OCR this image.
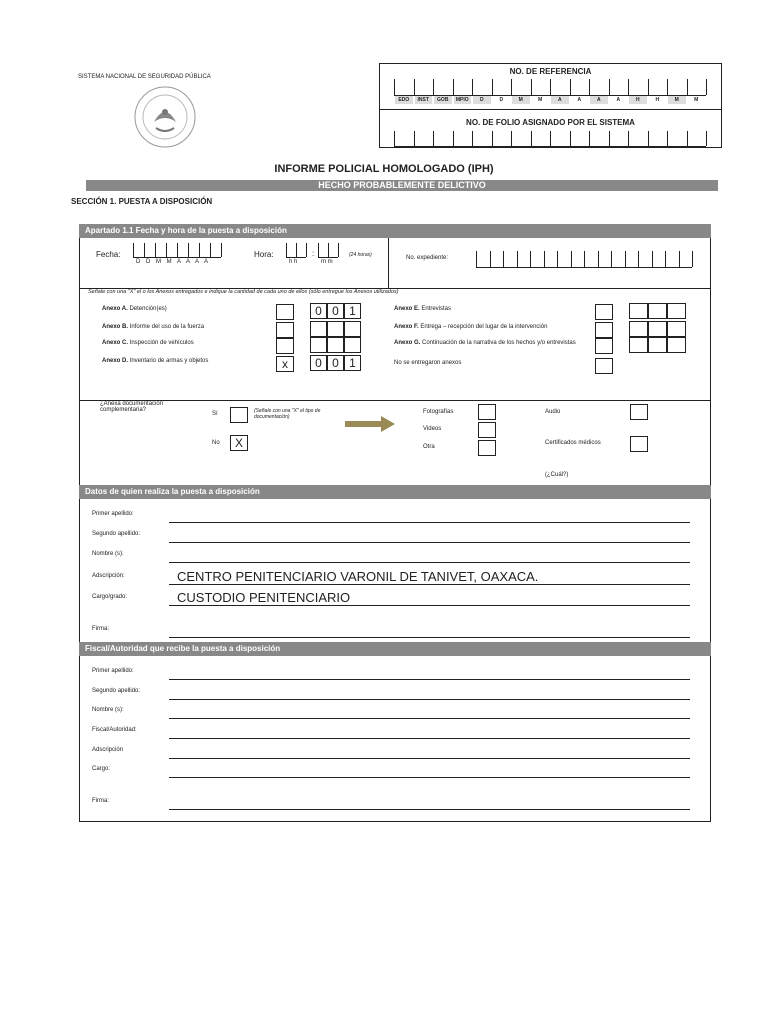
SISTEMA NACIONAL DE SEGURIDAD PÚBLICA
NO. DE REFERENCIA
EDO	INST	GOB	MPIO	D	D	M	M	A	A	A	A	H	H	M	M
NO. DE FOLIO ASIGNADO POR EL SISTEMA
INFORME POLICIAL HOMOLOGADO (IPH)
HECHO PROBABLEMENTE DELICTIVO
SECCIÓN 1. PUESTA A DISPOSICIÓN
Apartado 1.1 Fecha y hora de la puesta a disposición
Fecha:
D D M M A A A A
Hora:	:
h h	m m
(24 horas)	No. expediente:
Señale con una "X" el o los Anexos entregados e indique la cantidad de cada uno de ellos (sólo entregue los Anexos utilizados)
Anexo A. Detención(es)	0 0 1
Anexo B. Informe del uso de la fuerza
Anexo C. Inspección de vehículos
Anexo D. Inventario de armas y objetos	x	0 0 1
Anexo E. Entrevistas
Anexo F. Entrega – recepción del lugar de la intervención
Anexo G. Continuación de la narrativa de los hechos y/o entrevistas
No se entregaron anexos
¿Anexa documentación complementaria?
Sí	(Señale con una "X" el tipo de documentación)
No	X
Fotografías
Videos
Otra
Audio
Certificados médicos
(¿Cuál?)
Datos de quien realiza la puesta a disposición
Primer apellido:
Segundo apellido:
Nombre (s):
Adscripción:	CENTRO PENITENCIARIO VARONIL DE TANIVET, OAXACA.
Cargo/grado:	CUSTODIO PENITENCIARIO
Firma:
Fiscal/Autoridad que recibe la puesta a disposición
Primer apellido:
Segundo apellido:
Nombre (s):
Fiscal/Autoridad:
Adscripción
Cargo:
Firma:
